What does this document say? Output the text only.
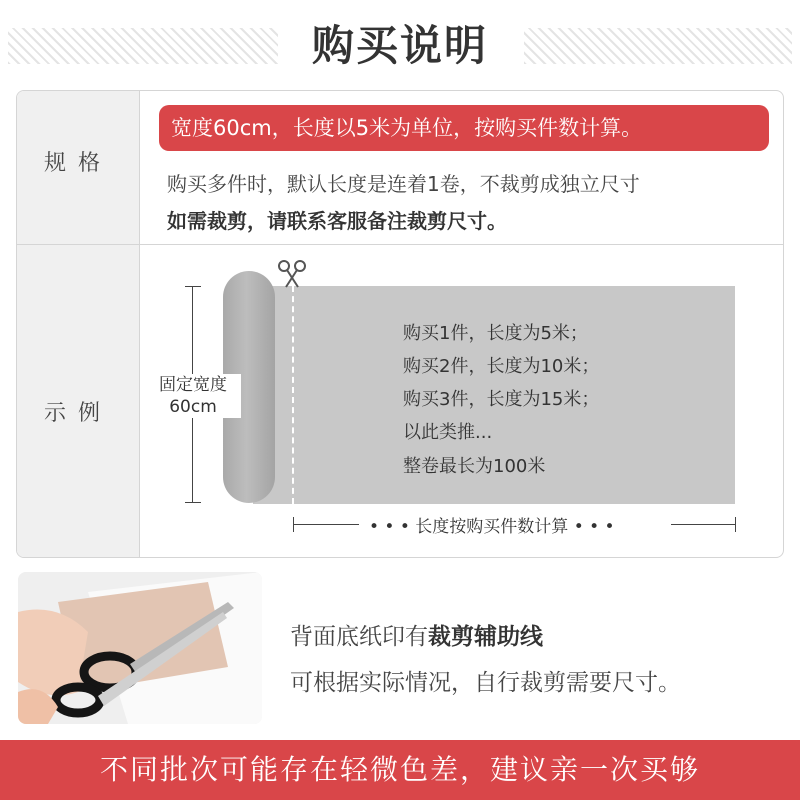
购买说明
规格
示例
宽度60cm，长度以5米为单位，按购买件数计算。
购买多件时，默认长度是连着1卷，不裁剪成独立尺寸
如需裁剪，请联系客服备注裁剪尺寸。
购买1件，长度为5米；
购买2件，长度为10米；
购买3件，长度为15米；
以此类推...
整卷最长为100米
固定宽度
60cm
• • • 长度按购买件数计算 • • •
背面底纸印有裁剪辅助线
可根据实际情况，自行裁剪需要尺寸。
不同批次可能存在轻微色差，建议亲一次买够
